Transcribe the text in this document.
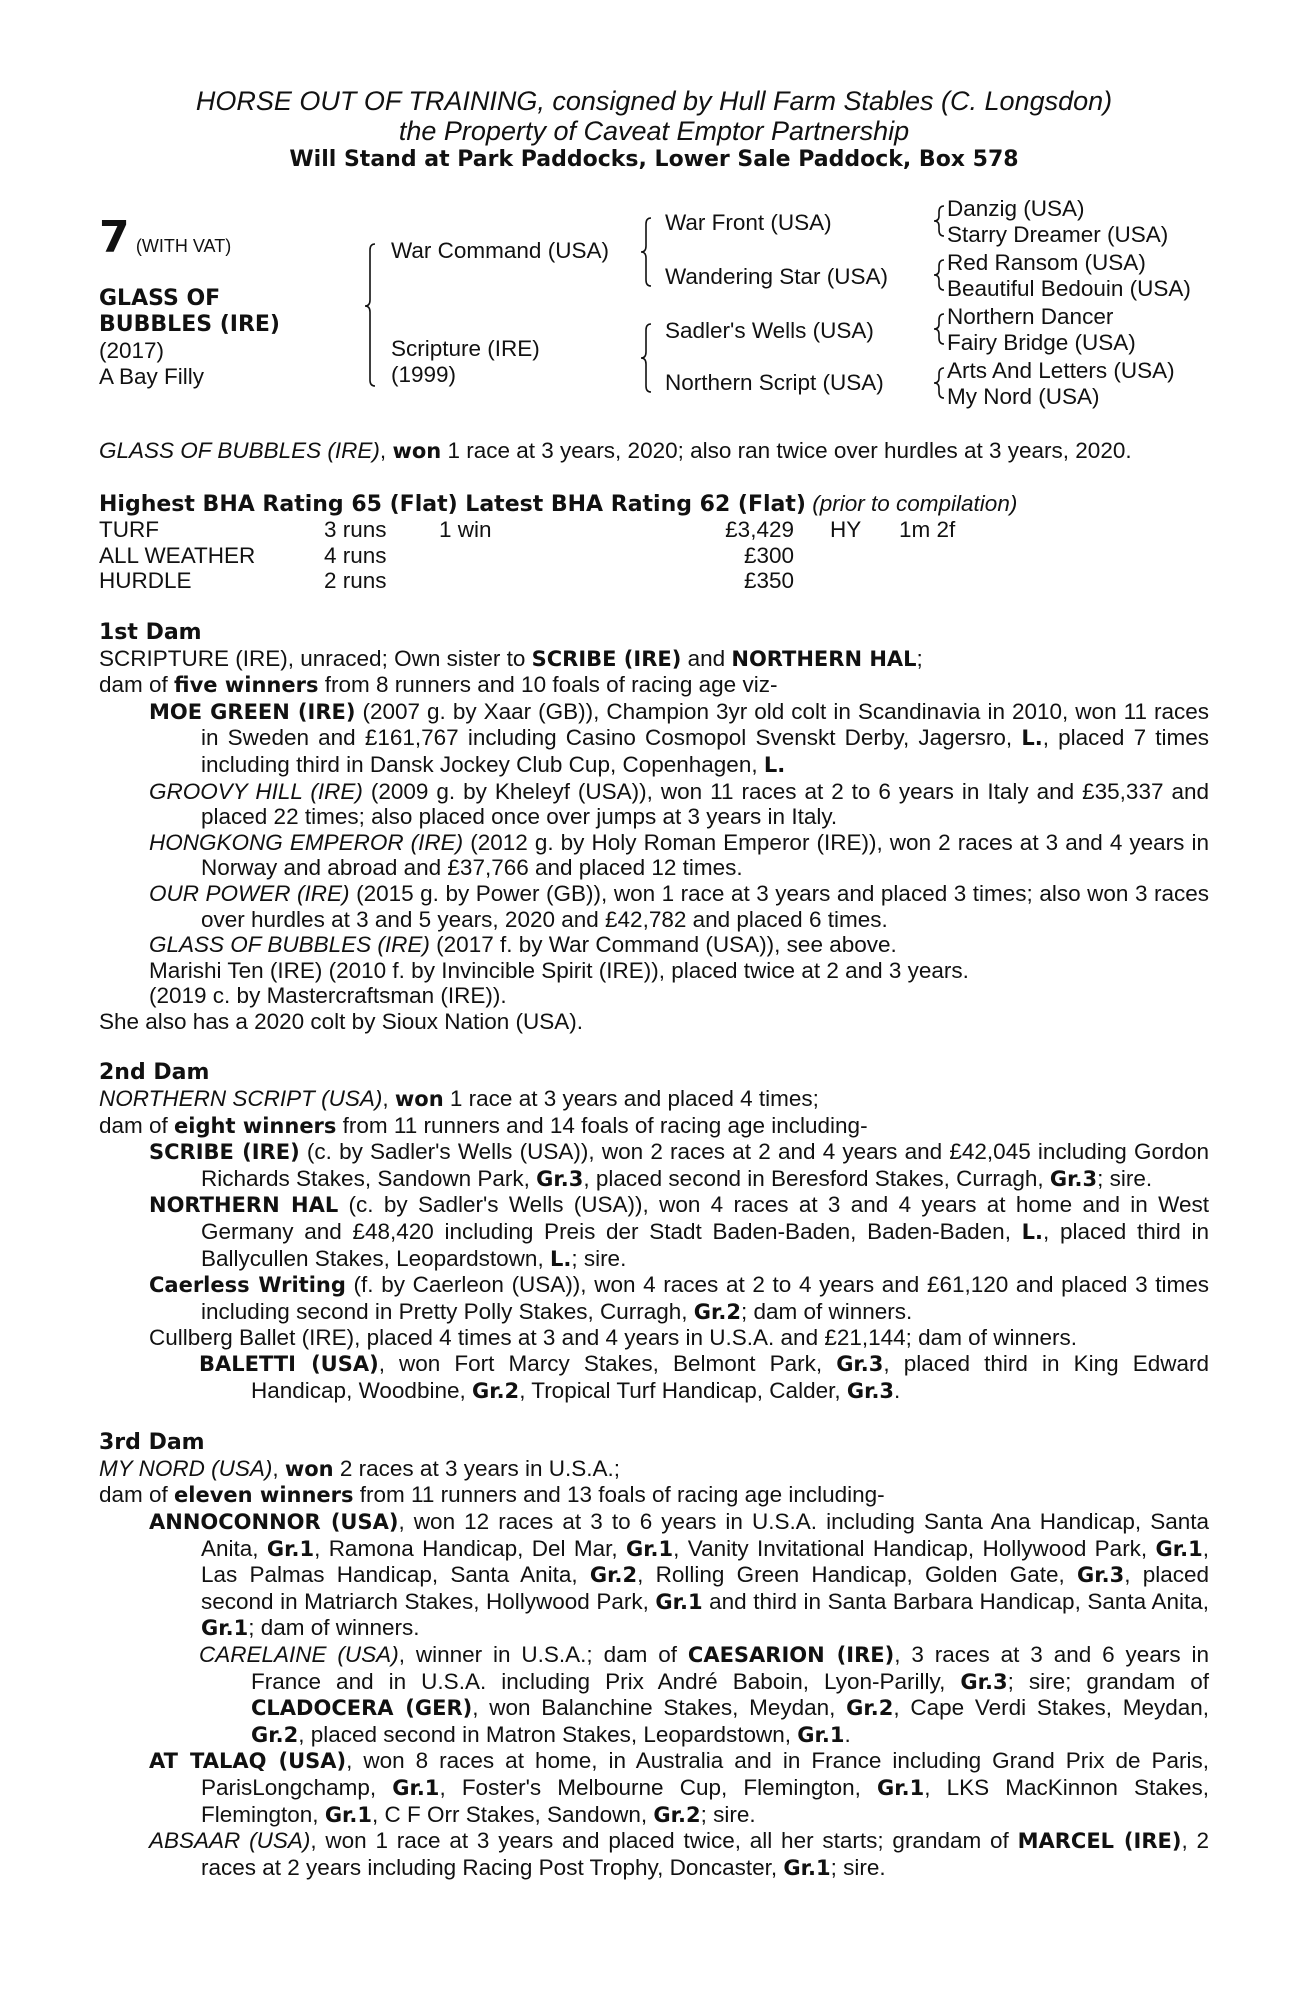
HORSE OUT OF TRAINING, consigned by Hull Farm Stables (C. Longsdon)
the Property of Caveat Emptor Partnership
Will Stand at Park Paddocks, Lower Sale Paddock, Box 578
7 (WITH VAT)
GLASS OF
BUBBLES (IRE)
(2017)
A Bay Filly
War Command (USA)
Scripture (IRE)
(1999)
War Front (USA)
Wandering Star (USA)
Sadler's Wells (USA)
Northern Script (USA)
Danzig (USA)
Starry Dreamer (USA)
Red Ransom (USA)
Beautiful Bedouin (USA)
Northern Dancer
Fairy Bridge (USA)
Arts And Letters (USA)
My Nord (USA)

GLASS OF BUBBLES (IRE), won 1 race at 3 years, 2020; also ran twice over hurdles at 3 years, 2020.

Highest BHA Rating 65 (Flat) Latest BHA Rating 62 (Flat) (prior to compilation)
TURF	3 runs	1 win	£3,429	HY	1m 2f
ALL WEATHER	4 runs	£300
HURDLE	2 runs	£350
1st Dam
SCRIPTURE (IRE), unraced; Own sister to SCRIBE (IRE) and NORTHERN HAL;
dam of five winners from 8 runners and 10 foals of racing age viz-

MOE GREEN (IRE) (2007 g. by Xaar (GB)), Champion 3yr old colt in Scandinavia in 2010, won 11 races in Sweden and £161,767 including Casino Cosmopol Svenskt Derby, Jagersro, L., placed 7 times including third in Dansk Jockey Club Cup, Copenhagen, L.

GROOVY HILL (IRE) (2009 g. by Kheleyf (USA)), won 11 races at 2 to 6 years in Italy and £35,337 and placed 22 times; also placed once over jumps at 3 years in Italy.

HONGKONG EMPEROR (IRE) (2012 g. by Holy Roman Emperor (IRE)), won 2 races at 3 and 4 years in Norway and abroad and £37,766 and placed 12 times.

OUR POWER (IRE) (2015 g. by Power (GB)), won 1 race at 3 years and placed 3 times; also won 3 races over hurdles at 3 and 5 years, 2020 and £42,782 and placed 6 times.

GLASS OF BUBBLES (IRE) (2017 f. by War Command (USA)), see above.

Marishi Ten (IRE) (2010 f. by Invincible Spirit (IRE)), placed twice at 2 and 3 years.

(2019 c. by Mastercraftsman (IRE)).

She also has a 2020 colt by Sioux Nation (USA).

2nd Dam
NORTHERN SCRIPT (USA), won 1 race at 3 years and placed 4 times;
dam of eight winners from 11 runners and 14 foals of racing age including-

SCRIBE (IRE) (c. by Sadler's Wells (USA)), won 2 races at 2 and 4 years and £42,045 including Gordon Richards Stakes, Sandown Park, Gr.3, placed second in Beresford Stakes, Curragh, Gr.3; sire.

NORTHERN HAL (c. by Sadler's Wells (USA)), won 4 races at 3 and 4 years at home and in West Germany and £48,420 including Preis der Stadt Baden-Baden, Baden-Baden, L., placed third in Ballycullen Stakes, Leopardstown, L.; sire.

Caerless Writing (f. by Caerleon (USA)), won 4 races at 2 to 4 years and £61,120 and placed 3 times including second in Pretty Polly Stakes, Curragh, Gr.2; dam of winners.

Cullberg Ballet (IRE), placed 4 times at 3 and 4 years in U.S.A. and £21,144; dam of winners.

BALETTI (USA), won Fort Marcy Stakes, Belmont Park, Gr.3, placed third in King Edward Handicap, Woodbine, Gr.2, Tropical Turf Handicap, Calder, Gr.3.

3rd Dam
MY NORD (USA), won 2 races at 3 years in U.S.A.;
dam of eleven winners from 11 runners and 13 foals of racing age including-

ANNOCONNOR (USA), won 12 races at 3 to 6 years in U.S.A. including Santa Ana Handicap, Santa Anita, Gr.1, Ramona Handicap, Del Mar, Gr.1, Vanity Invitational Handicap, Hollywood Park, Gr.1, Las Palmas Handicap, Santa Anita, Gr.2, Rolling Green Handicap, Golden Gate, Gr.3, placed second in Matriarch Stakes, Hollywood Park, Gr.1 and third in Santa Barbara Handicap, Santa Anita, Gr.1; dam of winners.

CARELAINE (USA), winner in U.S.A.; dam of CAESARION (IRE), 3 races at 3 and 6 years in France and in U.S.A. including Prix André Baboin, Lyon-Parilly, Gr.3; sire; grandam of CLADOCERA (GER), won Balanchine Stakes, Meydan, Gr.2, Cape Verdi Stakes, Meydan, Gr.2, placed second in Matron Stakes, Leopardstown, Gr.1.

AT TALAQ (USA), won 8 races at home, in Australia and in France including Grand Prix de Paris, ParisLongchamp, Gr.1, Foster's Melbourne Cup, Flemington, Gr.1, LKS MacKinnon Stakes, Flemington, Gr.1, C F Orr Stakes, Sandown, Gr.2; sire.

ABSAAR (USA), won 1 race at 3 years and placed twice, all her starts; grandam of MARCEL (IRE), 2 races at 2 years including Racing Post Trophy, Doncaster, Gr.1; sire.
